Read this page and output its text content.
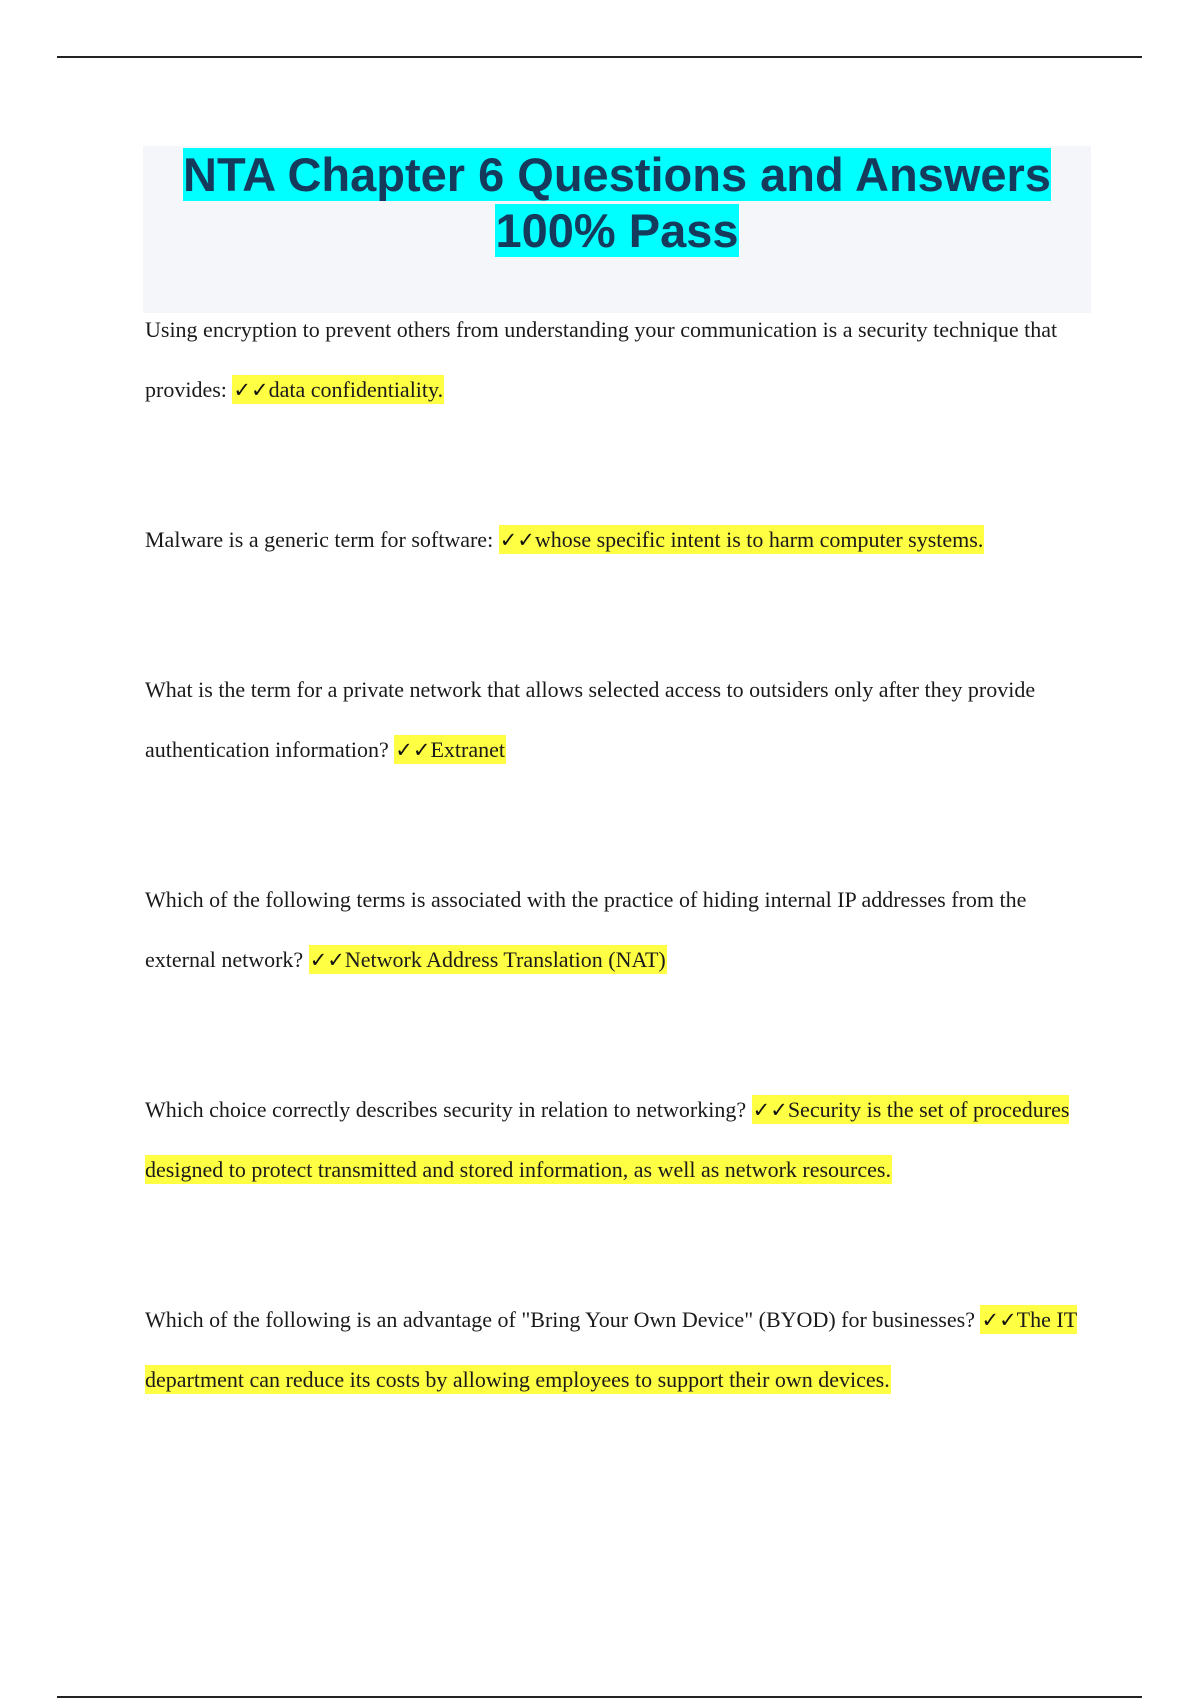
NTA Chapter 6 Questions and Answers
100% Pass

Using encryption to prevent others from understanding your communication is a security technique that provides: ✓✓data confidentiality.

Malware is a generic term for software: ✓✓whose specific intent is to harm computer systems.

What is the term for a private network that allows selected access to outsiders only after they provide authentication information? ✓✓Extranet

Which of the following terms is associated with the practice of hiding internal IP addresses from the external network? ✓✓Network Address Translation (NAT)

Which choice correctly describes security in relation to networking? ✓✓Security is the set of procedures designed to protect transmitted and stored information, as well as network resources.

Which of the following is an advantage of "Bring Your Own Device" (BYOD) for businesses? ✓✓The IT department can reduce its costs by allowing employees to support their own devices.
